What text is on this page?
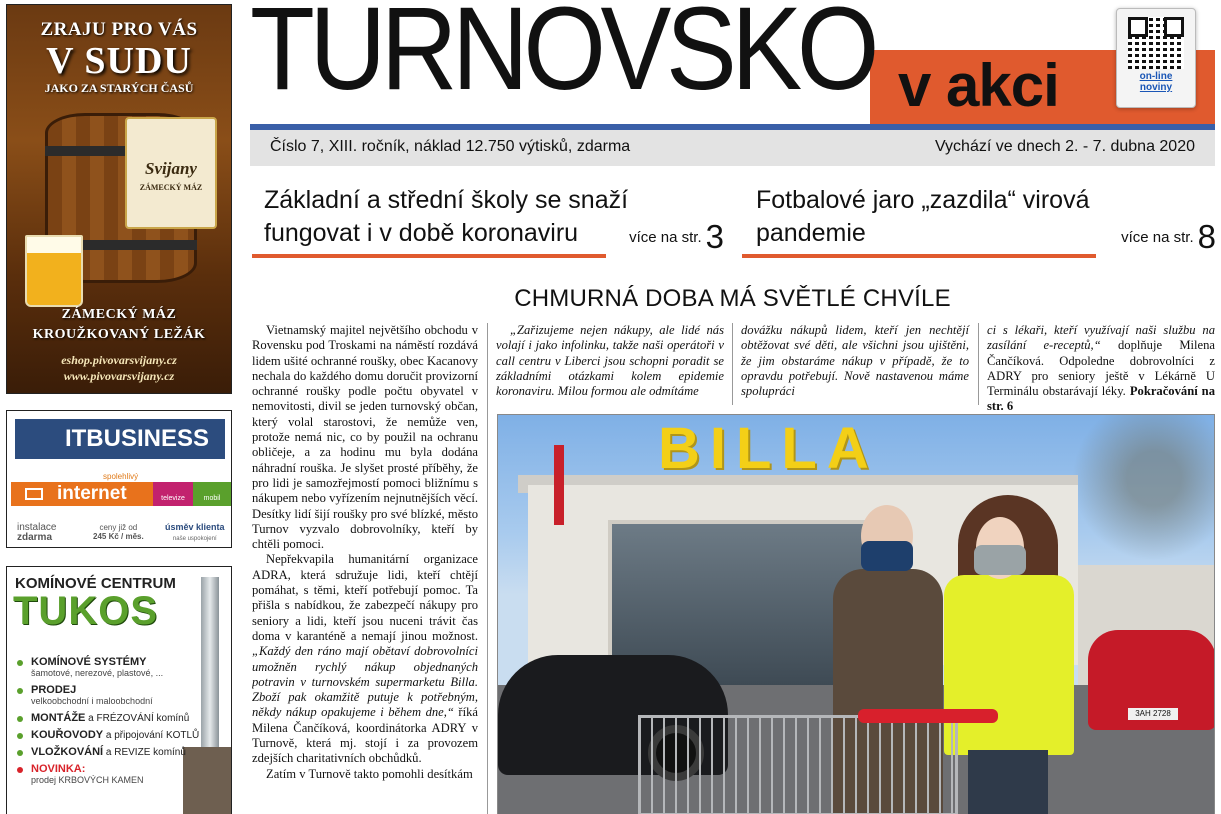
ZRAJU PRO VÁS
V SUDU
JAKO ZA STARÝCH ČASŮ
Svijany
ZÁMECKÝ MÁZ
ZÁMECKÝ MÁZ
KROUŽKOVANÝ LEŽÁK
eshop.pivovarsvijany.cz
www.pivovarsvijany.cz
ITBUSINESS
spolehlivý
internet	televize	mobil
instalace
zdarma
ceny již od
245 Kč / měs.
úsměv klienta
naše uspokojení
KOMÍNOVÉ CENTRUM
TUKOS
KOMÍNOVÉ SYSTÉMY
šamotové, nerezové, plastové, ...
PRODEJ
velkoobchodní i maloobchodní
MONTÁŽE a FRÉZOVÁNÍ komínů
KOUŘOVODY a připojování KOTLŮ
VLOŽKOVÁNÍ a REVIZE komínů
NOVINKA:
prodej KRBOVÝCH KAMEN
TURNOVSKO v akci	on-line
noviny
Číslo 7, XIII. ročník, náklad 12.750 výtisků, zdarma	Vychází ve dnech 2. - 7. dubna 2020
Základní a střední školy se snaží
fungovat i v době koronaviru	více na str. 3
Fotbalové jaro „zazdila“ virová
pandemie	více na str. 8
CHMURNÁ DOBA MÁ SVĚTLÉ CHVÍLE

Vietnamský majitel největšího obchodu v Rovensku pod Troskami na náměstí rozdává lidem ušité ochranné roušky, obec Kacanovy nechala do každého domu doručit provizorní ochranné roušky podle počtu obyvatel v nemovitosti, divil se jeden turnovský občan, který volal starostovi, že nemůže ven, protože nemá nic, co by použil na ochranu obličeje, a za hodinu mu byla dodána náhradní rouška. Je slyšet prosté příběhy, že pro lidi je samozřejmostí pomoci bližnímu s nákupem nebo vyřízením nejnutnějších věcí. Desítky lidí šijí roušky pro své blízké, město Turnov vyzvalo dobrovolníky, kteří by chtěli pomoci.

Nepřekvapila humanitární organizace ADRA, která sdružuje lidi, kteří chtějí pomáhat, s těmi, kteří potřebují pomoc. Ta přišla s nabídkou, že zabezpečí nákupy pro seniory a lidi, kteří jsou nuceni trávit čas doma v karanténě a nemají jinou možnost. „Každý den ráno mají obětaví dobrovolníci umožněn rychlý nákup objednaných potravin v turnovském supermarketu Billa. Zboží pak okamžitě putuje k potřebným, někdy nákup opakujeme i během dne,“ říká Milena Čančíková, koordinátorka ADRY v Turnově, která mj. stojí i za provozem zdejších charitativních obchůdků.

Zatím v Turnově takto pomohli desítkám

„Zařizujeme nejen nákupy, ale lidé nás volají i jako infolinku, takže naši operátoři v call centru v Liberci jsou schopni poradit se základními otázkami kolem epidemie koronaviru. Milou formou ale odmítáme

dovážku nákupů lidem, kteří jen nechtějí obtěžovat své děti, ale všichni jsou ujištěni, že jim obstaráme nákup v případě, že to opravdu potřebují. Nově nastavenou máme spolupráci

ci s lékaři, kteří využívají naši službu na zasílání e-receptů,“ doplňuje Milena Čančíková. Odpoledne dobrovolníci z ADRY pro seniory ještě v Lékárně U Terminálu obstarávají léky. Pokračování na str. 6

BILLA
3AH 2728
